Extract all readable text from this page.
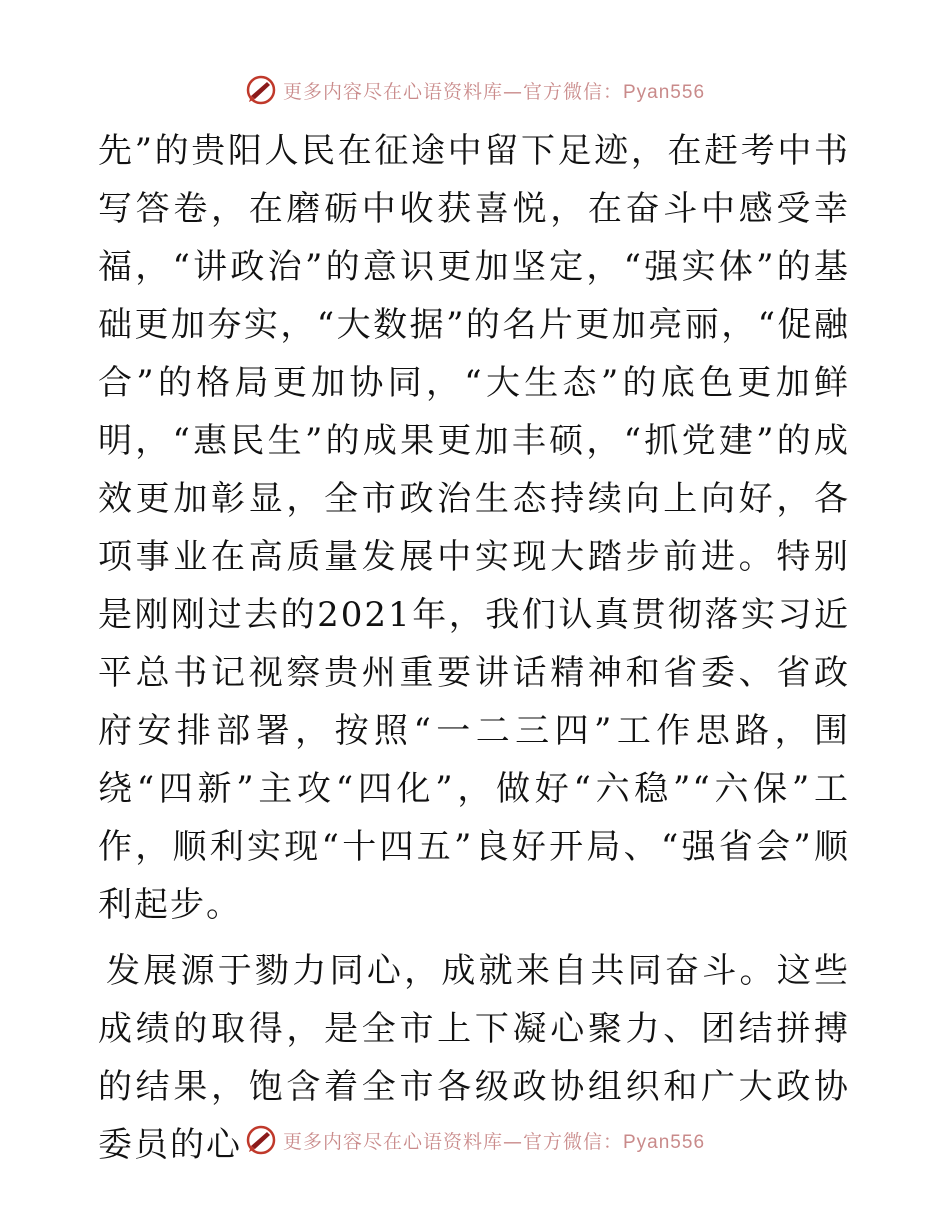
更多内容尽在心语资料库—官方微信：Pyan556

先”的贵阳人民在征途中留下足迹，在赶考中书写答卷，在磨砺中收获喜悦，在奋斗中感受幸福，“讲政治”的意识更加坚定，“强实体”的基础更加夯实，“大数据”的名片更加亮丽，“促融合”的格局更加协同，“大生态”的底色更加鲜明，“惠民生”的成果更加丰硕，“抓党建”的成效更加彰显，全市政治生态持续向上向好，各项事业在高质量发展中实现大踏步前进。特别是刚刚过去的2021年，我们认真贯彻落实习近平总书记视察贵州重要讲话精神和省委、省政府安排部署，按照“一二三四”工作思路，围绕“四新”主攻“四化”，做好“六稳”“六保”工作，顺利实现“十四五”良好开局、“强省会”顺利起步。

发展源于勠力同心，成就来自共同奋斗。这些成绩的取得，是全市上下凝心聚力、团结拼搏的结果，饱含着全市各级政协组织和广大政协委员的心	更多内容尽在心语资料库—官方微信：Pyan556
